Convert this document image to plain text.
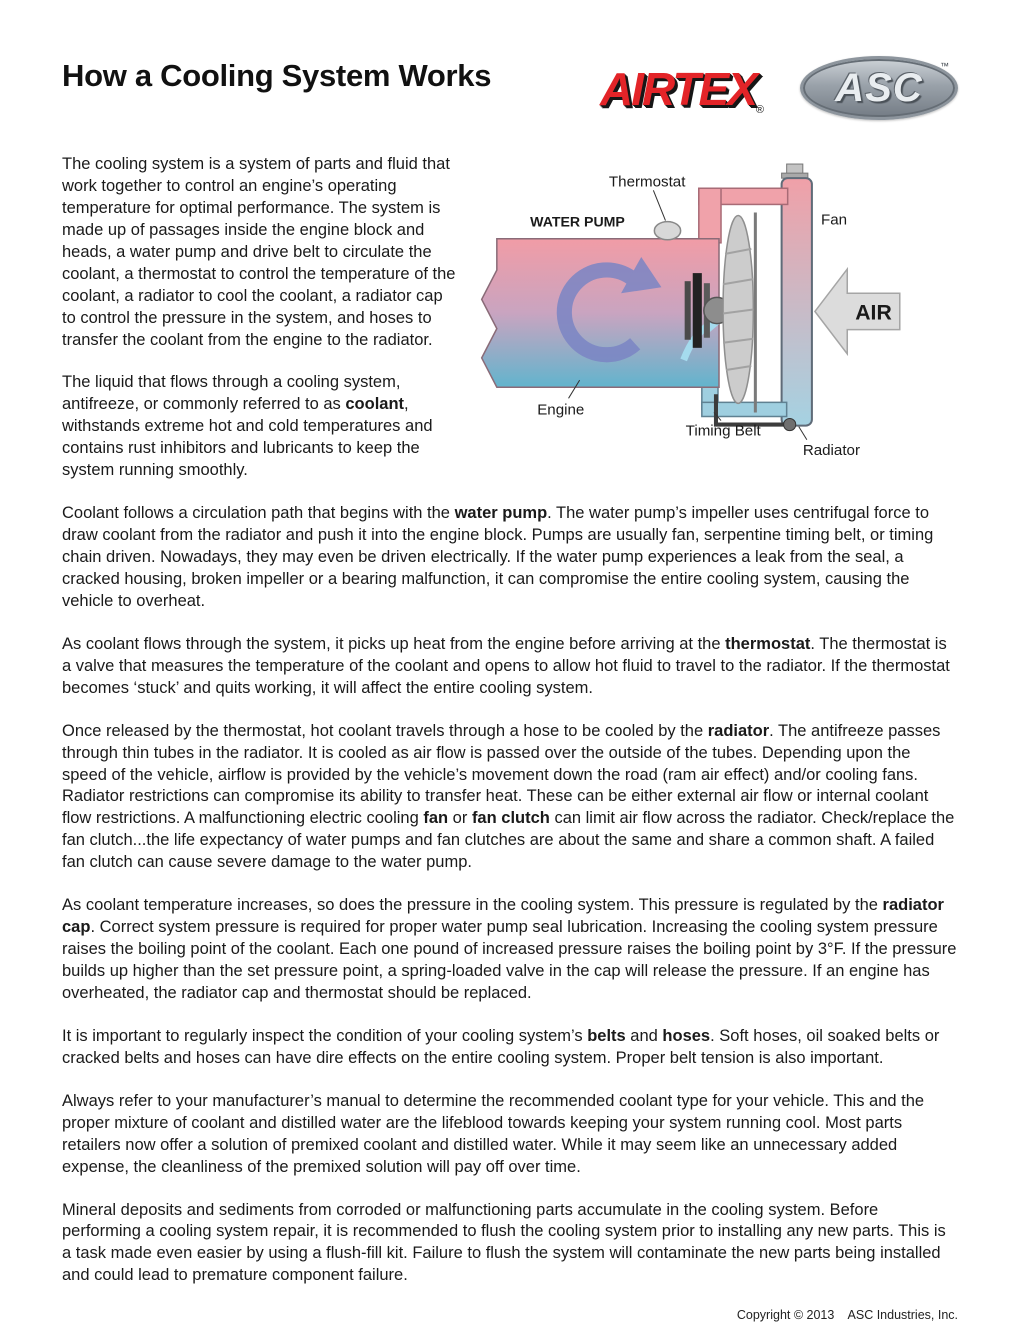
How a Cooling System Works	AIRTEX®
ASC ™
AIR
Thermostat
WATER PUMP	Fan
Engine
Timing Belt
Radiator

The cooling system is a system of parts and fluid that work together to control an engine’s operating temperature for optimal performance. The system is made up of passages inside the engine block and heads, a water pump and drive belt to circulate the coolant, a thermostat to control the temperature of the coolant, a radiator to cool the coolant, a radiator cap to control the pressure in the system, and hoses to transfer the coolant from the engine to the radiator.

The liquid that flows through a cooling system, antifreeze, or commonly referred to as coolant, withstands extreme hot and cold temperatures and contains rust inhibitors and lubricants to keep the system running smoothly.

Coolant follows a circulation path that begins with the water pump. The water pump’s impeller uses centrifugal force to draw coolant from the radiator and push it into the engine block. Pumps are usually fan, serpentine timing belt, or timing chain driven. Nowadays, they may even be driven electrically. If the water pump experiences a leak from the seal, a cracked housing, broken impeller or a bearing malfunction, it can compromise the entire cooling system, causing the vehicle to overheat.

As coolant flows through the system, it picks up heat from the engine before arriving at the thermostat. The thermostat is a valve that measures the temperature of the coolant and opens to allow hot fluid to travel to the radiator. If the thermostat becomes ‘stuck’ and quits working, it will affect the entire cooling system.

Once released by the thermostat, hot coolant travels through a hose to be cooled by the radiator. The antifreeze passes through thin tubes in the radiator. It is cooled as air flow is passed over the outside of the tubes. Depending upon the speed of the vehicle, airflow is provided by the vehicle’s movement down the road (ram air effect) and/or cooling fans. Radiator restrictions can compromise its ability to transfer heat. These can be either external air flow or internal coolant flow restrictions. A malfunctioning electric cooling fan or fan clutch can limit air flow across the radiator. Check/replace the fan clutch...the life expectancy of water pumps and fan clutches are about the same and share a common shaft. A failed fan clutch can cause severe damage to the water pump.

As coolant temperature increases, so does the pressure in the cooling system. This pressure is regulated by the radiator cap. Correct system pressure is required for proper water pump seal lubrication. Increasing the cooling system pressure raises the boiling point of the coolant. Each one pound of increased pressure raises the boiling point by 3°F. If the pressure builds up higher than the set pressure point, a spring-loaded valve in the cap will release the pressure. If an engine has overheated, the radiator cap and thermostat should be replaced.

It is important to regularly inspect the condition of your cooling system’s belts and hoses. Soft hoses, oil soaked belts or cracked belts and hoses can have dire effects on the entire cooling system. Proper belt tension is also important.

Always refer to your manufacturer’s manual to determine the recommended coolant type for your vehicle. This and the proper mixture of coolant and distilled water are the lifeblood towards keeping your system running cool. Most parts retailers now offer a solution of premixed coolant and distilled water. While it may seem like an unnecessary added expense, the cleanliness of the premixed solution will pay off over time.

Mineral deposits and sediments from corroded or malfunctioning parts accumulate in the cooling system. Before performing a cooling system repair, it is recommended to flush the cooling system prior to installing any new parts. This is a task made even easier by using a flush-fill kit. Failure to flush the system will contaminate the new parts being installed and could lead to premature component failure.

Copyright © 2013    ASC Industries, Inc.
